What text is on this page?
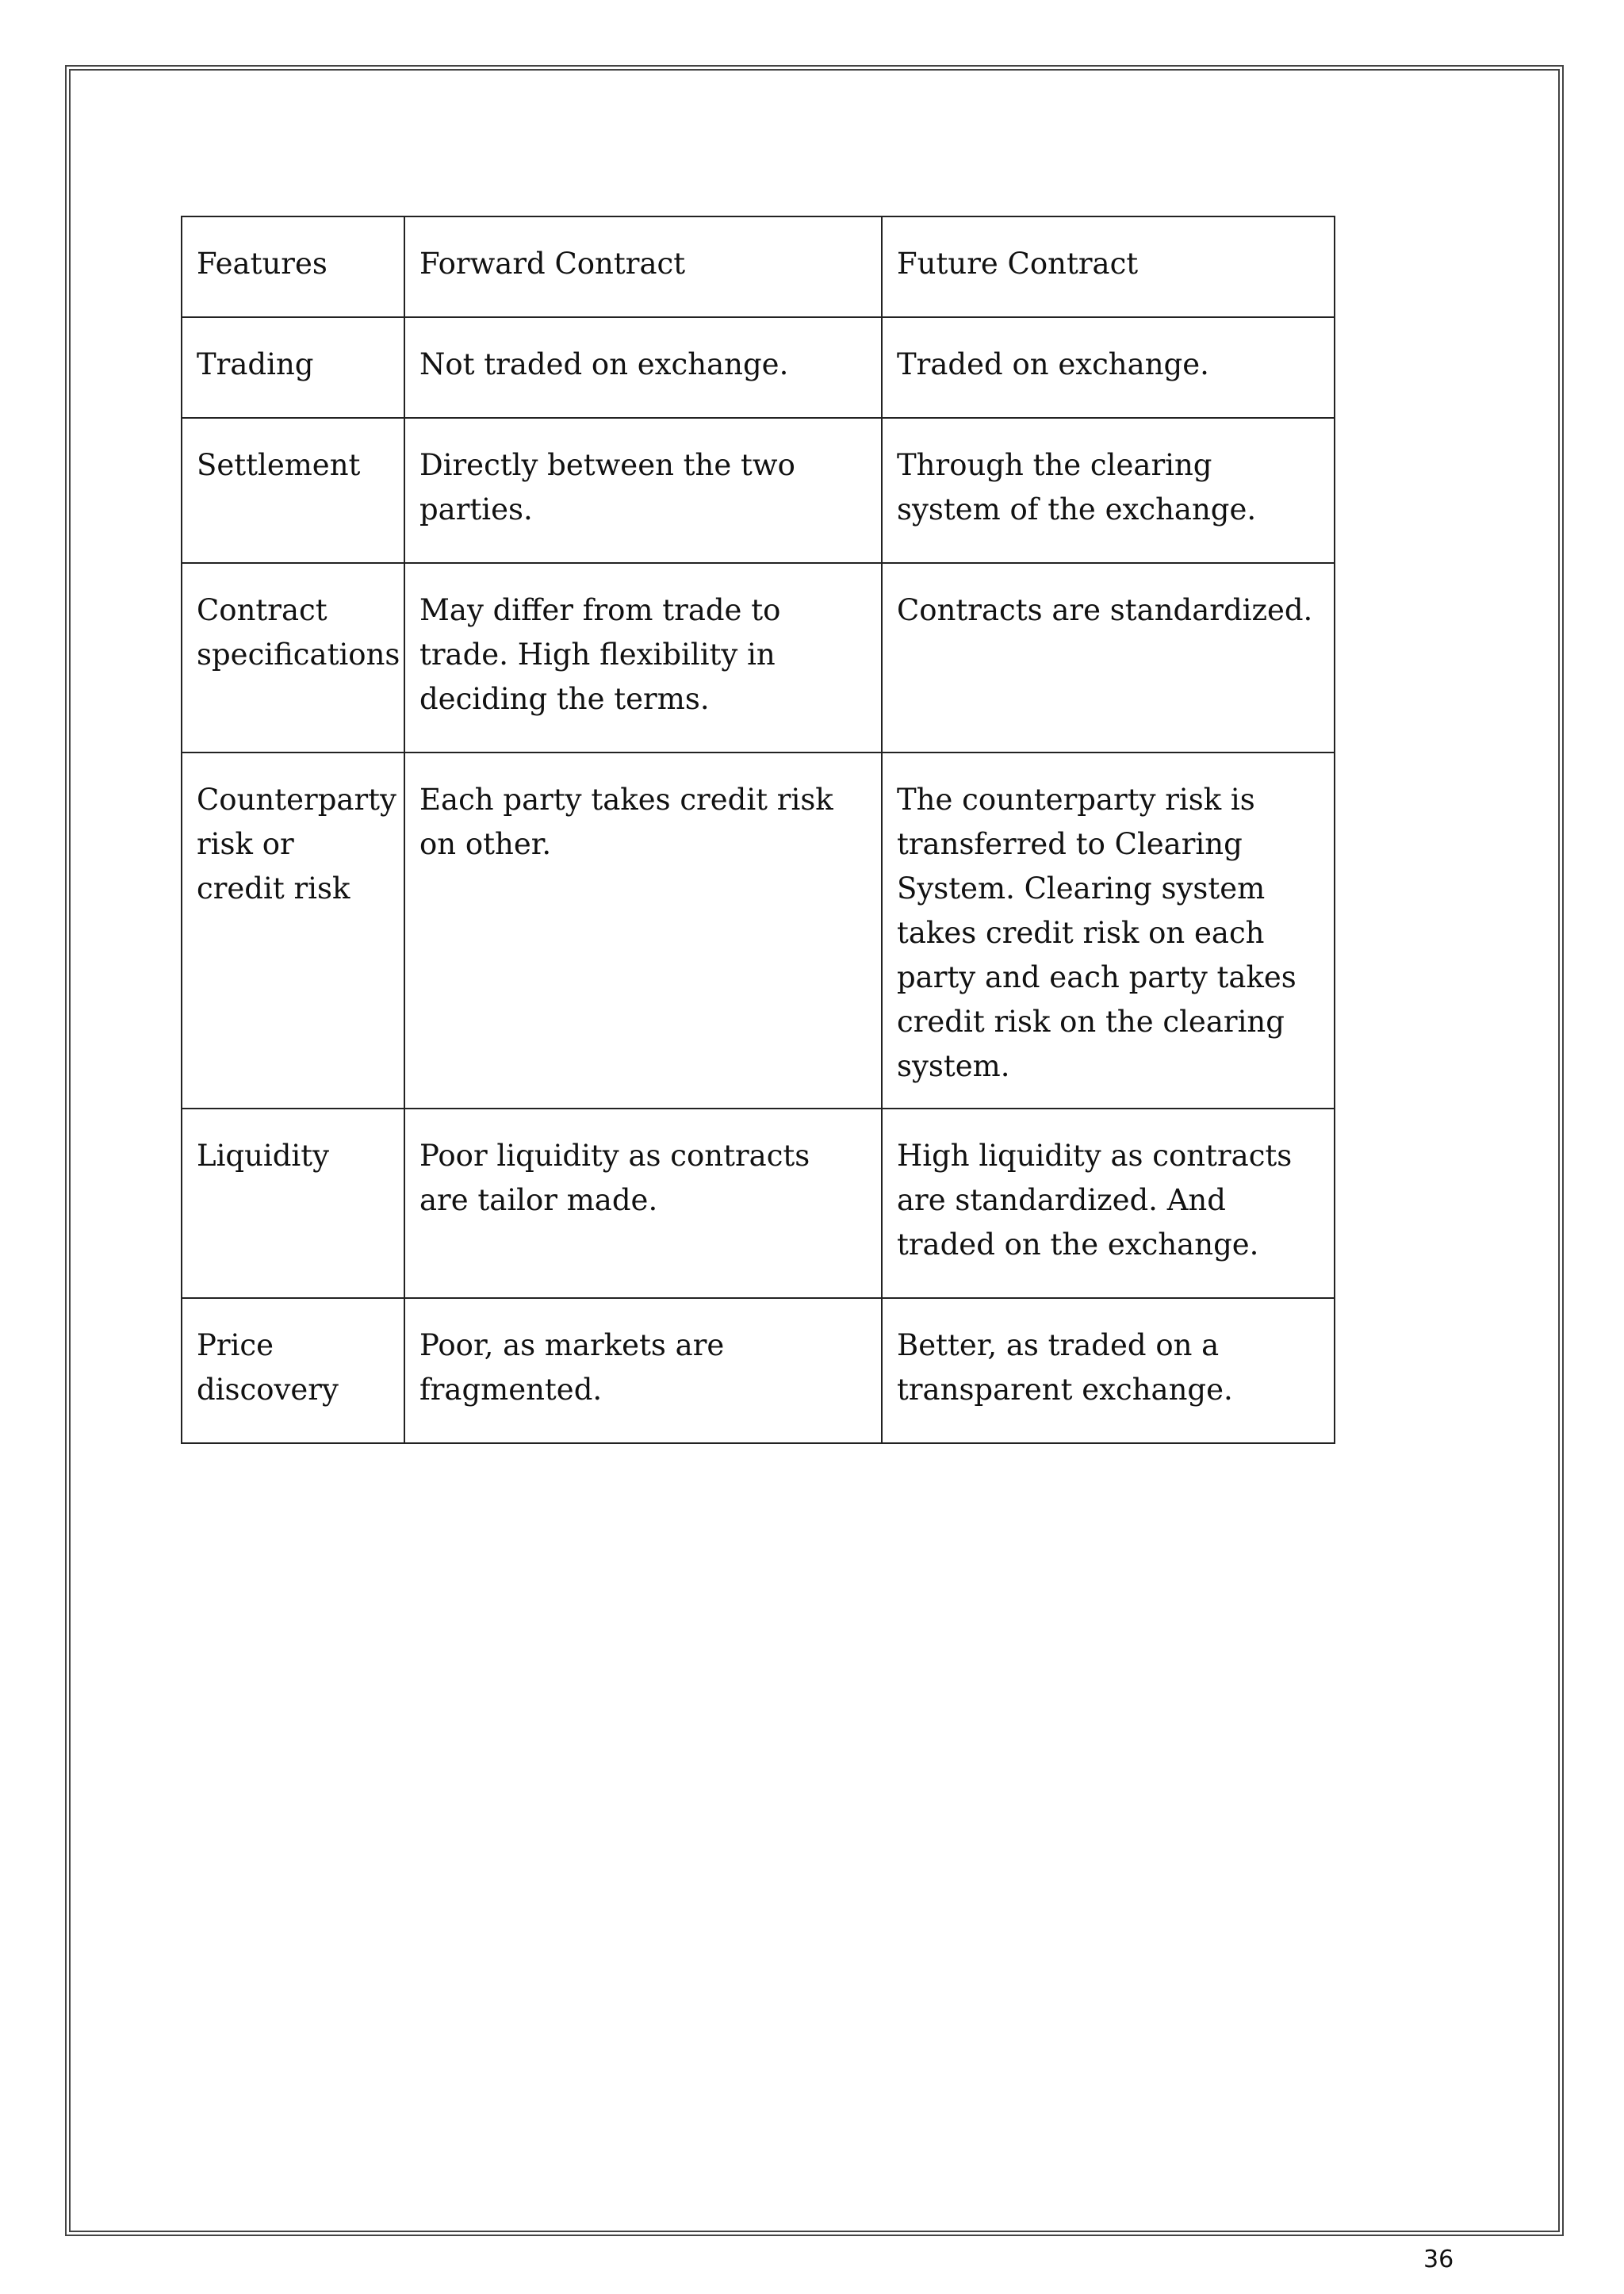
Features	Forward Contract	Future Contract
Trading	Not traded on exchange.	Traded on exchange.
Settlement	Directly between the two parties.	Through the clearing system of the exchange.
Contract specifications	May differ from trade to trade. High flexibility in deciding the terms.	Contracts are standardized.
Counterparty risk or credit risk	Each party takes credit risk on other.	The counterparty risk is transferred to Clearing System. Clearing system takes credit risk on each party and each party takes credit risk on the clearing system.
Liquidity	Poor liquidity as contracts are tailor made.	High liquidity as contracts are standardized. And traded on the exchange.
Price discovery	Poor, as markets are fragmented.	Better, as traded on a transparent exchange.
36
